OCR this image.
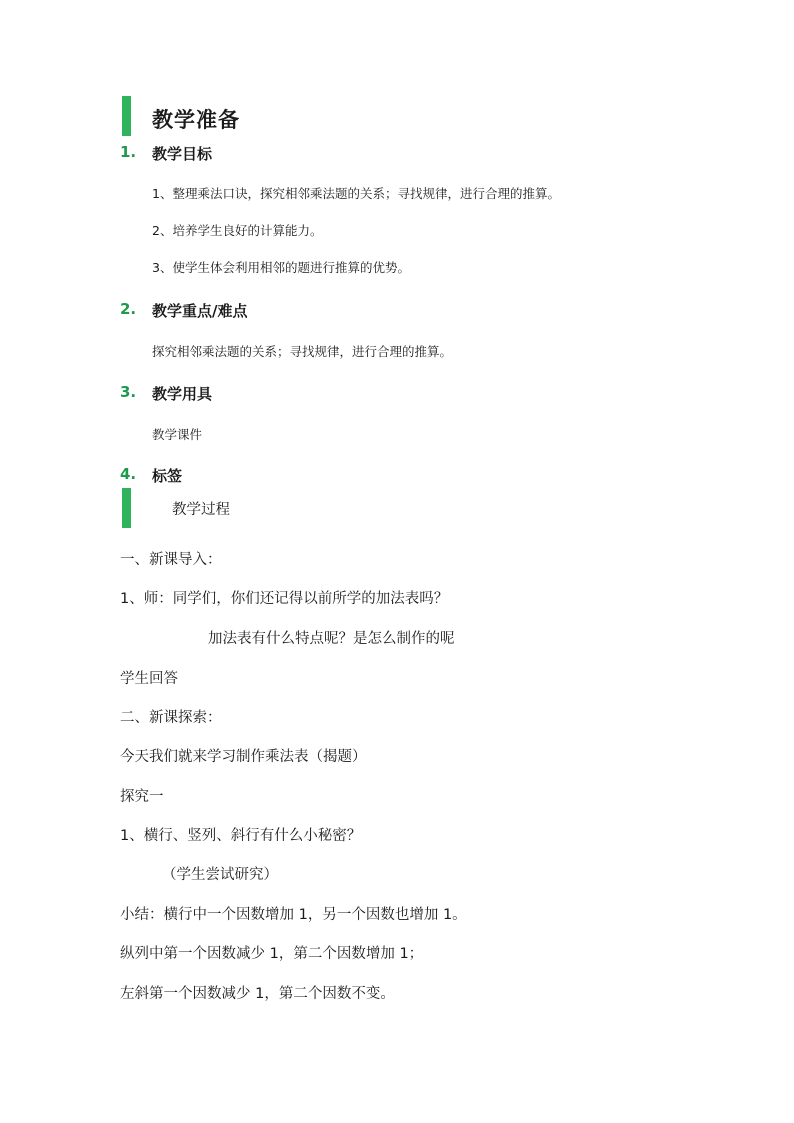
教学准备
1. 教学目标
1、整理乘法口诀，探究相邻乘法题的关系；寻找规律，进行合理的推算。
2、培养学生良好的计算能力。
3、使学生体会利用相邻的题进行推算的优势。
2. 教学重点/难点
探究相邻乘法题的关系；寻找规律，进行合理的推算。
3. 教学用具
教学课件
4. 标签
教学过程
一、新课导入：
1、师：同学们，你们还记得以前所学的加法表吗？
加法表有什么特点呢？是怎么制作的呢
学生回答
二、新课探索：
今天我们就来学习制作乘法表（揭题）
探究一
1、横行、竖列、斜行有什么小秘密？
（学生尝试研究）
小结：横行中一个因数增加 1，另一个因数也增加 1。
纵列中第一个因数减少 1，第二个因数增加 1；
左斜第一个因数减少 1，第二个因数不变。
